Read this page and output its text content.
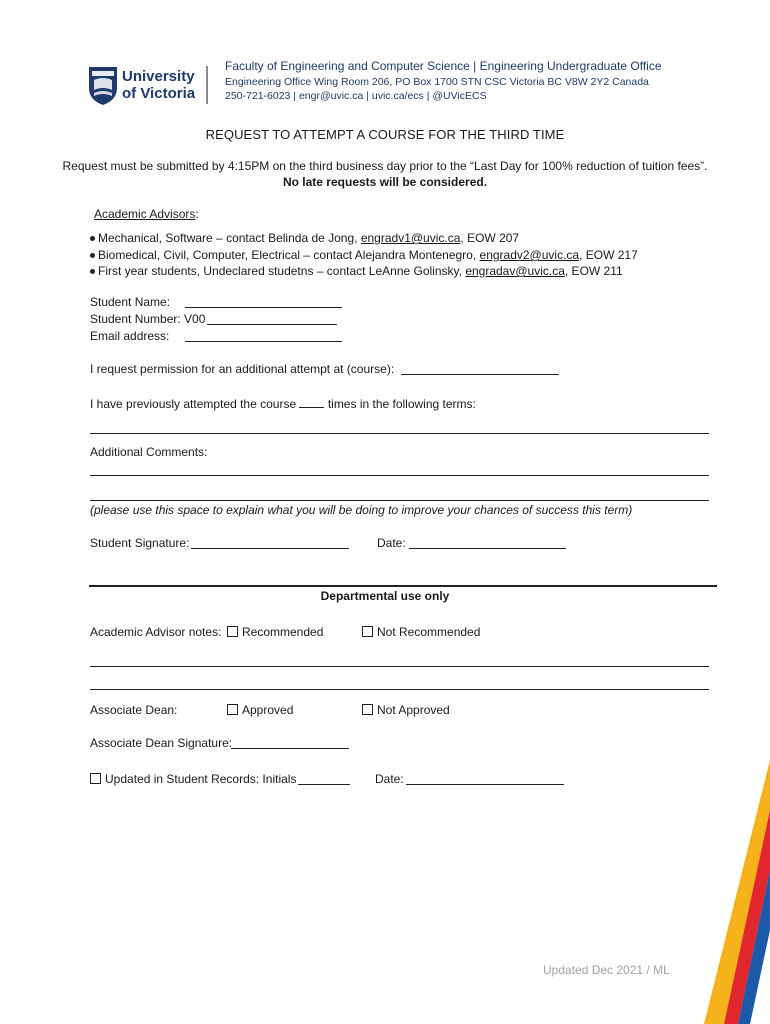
University
of Victoria
Faculty of Engineering and Computer Science | Engineering Undergraduate Office
Engineering Office Wing Room 206, PO Box 1700 STN CSC Victoria BC V8W 2Y2 Canada
250-721-6023 | engr@uvic.ca | uvic.ca/ecs | @UVicECS
REQUEST TO ATTEMPT A COURSE FOR THE THIRD TIME
Request must be submitted by 4:15PM on the third business day prior to the “Last Day for 100% reduction of tuition fees”.
No late requests will be considered.
Academic Advisors:
Mechanical, Software – contact Belinda de Jong, engradv1@uvic.ca, EOW 207
Biomedical, Civil, Computer, Electrical – contact Alejandra Montenegro, engradv2@uvic.ca, EOW 217
First year students, Undeclared studetns – contact LeAnne Golinsky, engradav@uvic.ca, EOW 211
Student Name:
Student Number: V00
Email address:
I request permission for an additional attempt at (course):
I have previously attempted the course	times in the following terms:
Additional Comments:
(please use this space to explain what you will be doing to improve your chances of success this term)
Student Signature:	Date:
Departmental use only
Academic Advisor notes:	Recommended	Not Recommended
Associate Dean:	Approved	Not Approved
Associate Dean Signature:
Updated in Student Records: Initials	Date:
Updated Dec 2021 / ML
